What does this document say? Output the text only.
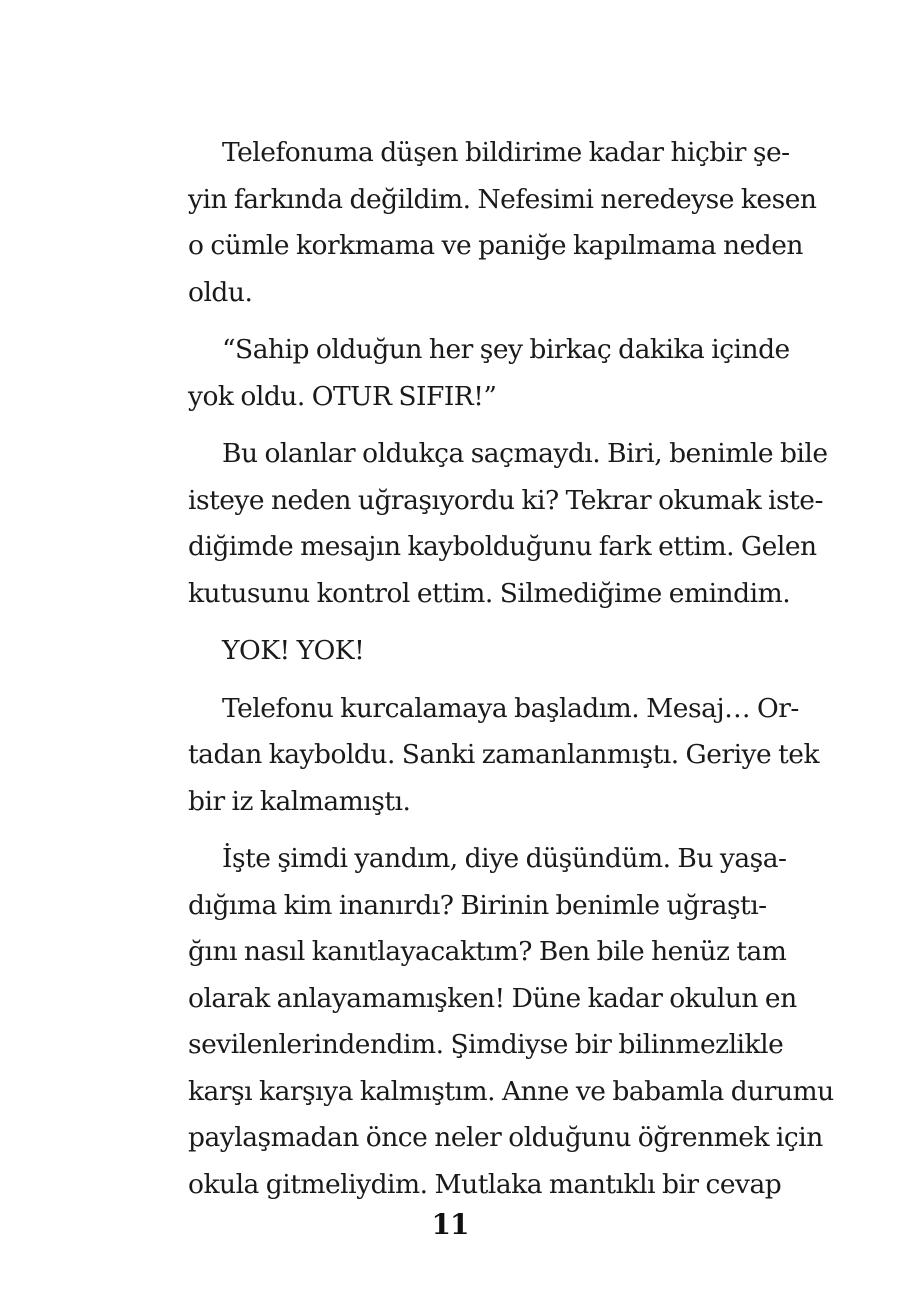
Telefonuma düşen bildirime kadar hiçbir şe-
yin farkında değildim. Nefesimi neredeyse kesen
o cümle korkmama ve paniğe kapılmama neden
oldu.
“Sahip olduğun her şey birkaç dakika içinde
yok oldu. OTUR SIFIR!”
Bu olanlar oldukça saçmaydı. Biri, benimle bile
isteye neden uğraşıyordu ki? Tekrar okumak iste-
diğimde mesajın kaybolduğunu fark ettim. Gelen
kutusunu kontrol ettim. Silmediğime emindim.
YOK! YOK!
Telefonu kurcalamaya başladım. Mesaj… Or-
tadan kayboldu. Sanki zamanlanmıştı. Geriye tek
bir iz kalmamıştı.
İşte şimdi yandım, diye düşündüm. Bu yaşa-
dığıma kim inanırdı? Birinin benimle uğraştı-
ğını nasıl kanıtlayacaktım? Ben bile henüz tam
olarak anlayamamışken! Düne kadar okulun en
sevilenlerindendim. Şimdiyse bir bilinmezlikle
karşı karşıya kalmıştım. Anne ve babamla durumu
paylaşmadan önce neler olduğunu öğrenmek için
okula gitmeliydim. Mutlaka mantıklı bir cevap
11
